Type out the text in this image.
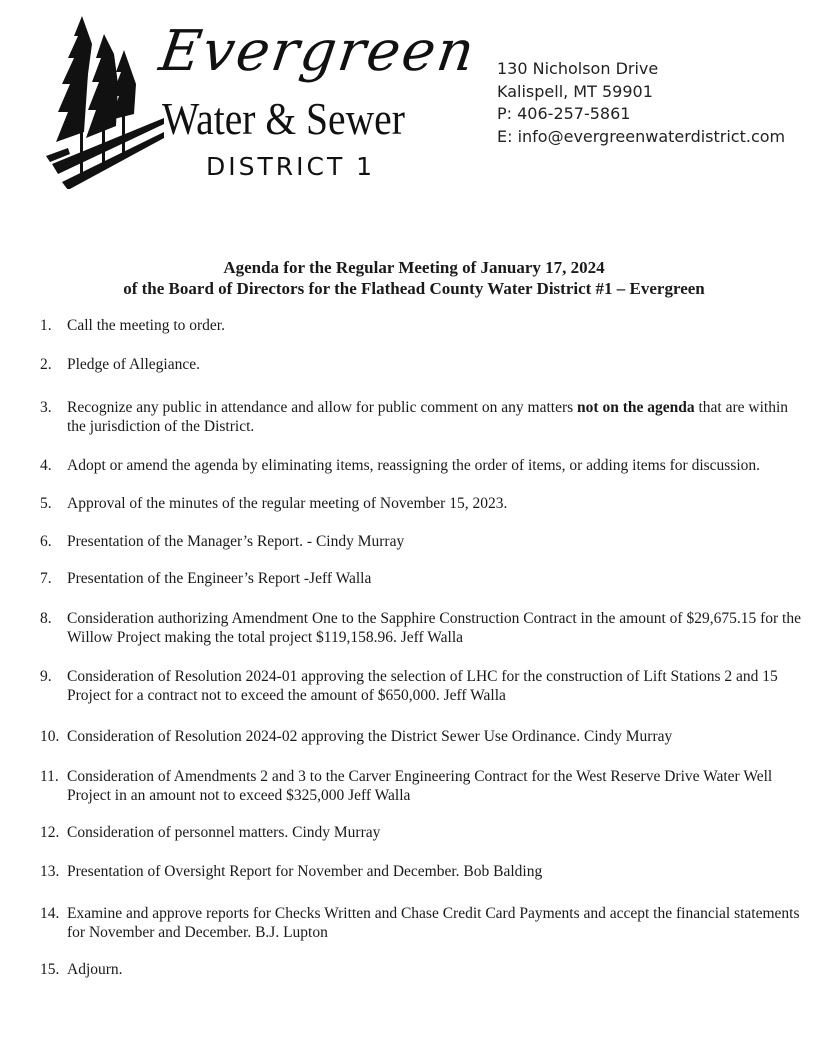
Evergreen
Water & Sewer
DISTRICT 1
130 Nicholson Drive
Kalispell, MT 59901
P: 406-257-5861
E: info@evergreenwaterdistrict.com
Agenda for the Regular Meeting of January 17, 2024
of the Board of Directors for the Flathead County Water District #1 – Evergreen
1. Call the meeting to order.
2. Pledge of Allegiance.
3. Recognize any public in attendance and allow for public comment on any matters not on the agenda that are within the jurisdiction of the District.
4. Adopt or amend the agenda by eliminating items, reassigning the order of items, or adding items for discussion.
5. Approval of the minutes of the regular meeting of November 15, 2023.
6. Presentation of the Manager’s Report. - Cindy Murray
7. Presentation of the Engineer’s Report -Jeff Walla
8. Consideration authorizing Amendment One to the Sapphire Construction Contract in the amount of $29,675.15 for the Willow Project making the total project $119,158.96. Jeff Walla
9. Consideration of Resolution 2024-01 approving the selection of LHC for the construction of Lift Stations 2 and 15 Project for a contract not to exceed the amount of $650,000. Jeff Walla
10. Consideration of Resolution 2024-02 approving the District Sewer Use Ordinance. Cindy Murray
11. Consideration of Amendments 2 and 3 to the Carver Engineering Contract for the West Reserve Drive Water Well Project in an amount not to exceed $325,000 Jeff Walla
12. Consideration of personnel matters. Cindy Murray
13. Presentation of Oversight Report for November and December. Bob Balding
14. Examine and approve reports for Checks Written and Chase Credit Card Payments and accept the financial statements for November and December. B.J. Lupton
15. Adjourn.
